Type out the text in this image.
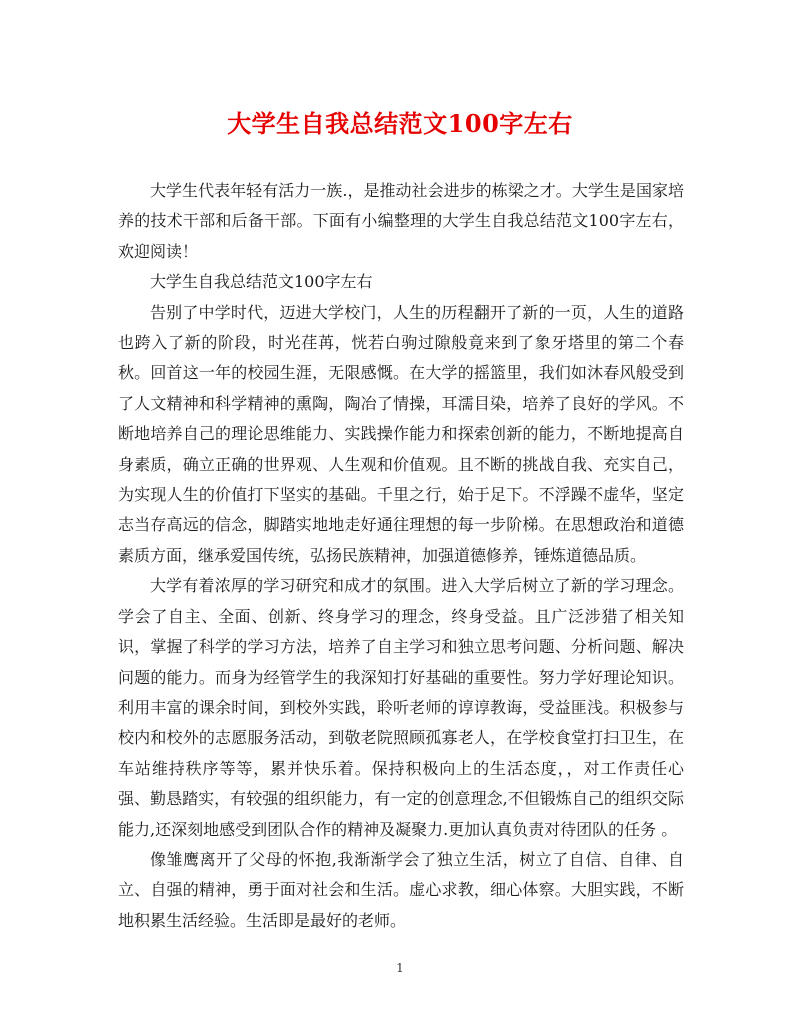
大学生自我总结范文100字左右

大学生代表年轻有活力一族.，是推动社会进步的栋梁之才。大学生是国家培养的技术干部和后备干部。下面有小编整理的大学生自我总结范文100字左右，欢迎阅读！

大学生自我总结范文100字左右

告别了中学时代，迈进大学校门，人生的历程翻开了新的一页，人生的道路也跨入了新的阶段，时光荏苒，恍若白驹过隙般竟来到了象牙塔里的第二个春秋。回首这一年的校园生涯，无限感慨。在大学的摇篮里，我们如沐春风般受到了人文精神和科学精神的熏陶，陶冶了情操，耳濡目染，培养了良好的学风。不断地培养自己的理论思维能力、实践操作能力和探索创新的能力，不断地提高自身素质，确立正确的世界观、人生观和价值观。且不断的挑战自我、充实自己，为实现人生的价值打下坚实的基础。千里之行，始于足下。不浮躁不虚华，坚定志当存高远的信念，脚踏实地地走好通往理想的每一步阶梯。在思想政治和道德素质方面，继承爱国传统，弘扬民族精神，加强道德修养，锤炼道德品质。

大学有着浓厚的学习研究和成才的氛围。进入大学后树立了新的学习理念。学会了自主、全面、创新、终身学习的理念，终身受益。且广泛涉猎了相关知识，掌握了科学的学习方法，培养了自主学习和独立思考问题、分析问题、解决问题的能力。而身为经管学生的我深知打好基础的重要性。努力学好理论知识。利用丰富的课余时间，到校外实践，聆听老师的谆谆教诲，受益匪浅。积极参与校内和校外的志愿服务活动，到敬老院照顾孤寡老人，在学校食堂打扫卫生，在车站维持秩序等等，累并快乐着。保持积极向上的生活态度，，对工作责任心强、勤恳踏实，有较强的组织能力，有一定的创意理念,不但锻炼自己的组织交际能力,还深刻地感受到团队合作的精神及凝聚力.更加认真负责对待团队的任务 。

像雏鹰离开了父母的怀抱,我渐渐学会了独立生活，树立了自信、自律、自立、自强的精神，勇于面对社会和生活。虚心求教，细心体察。大胆实践，不断地积累生活经验。生活即是最好的老师。

1
